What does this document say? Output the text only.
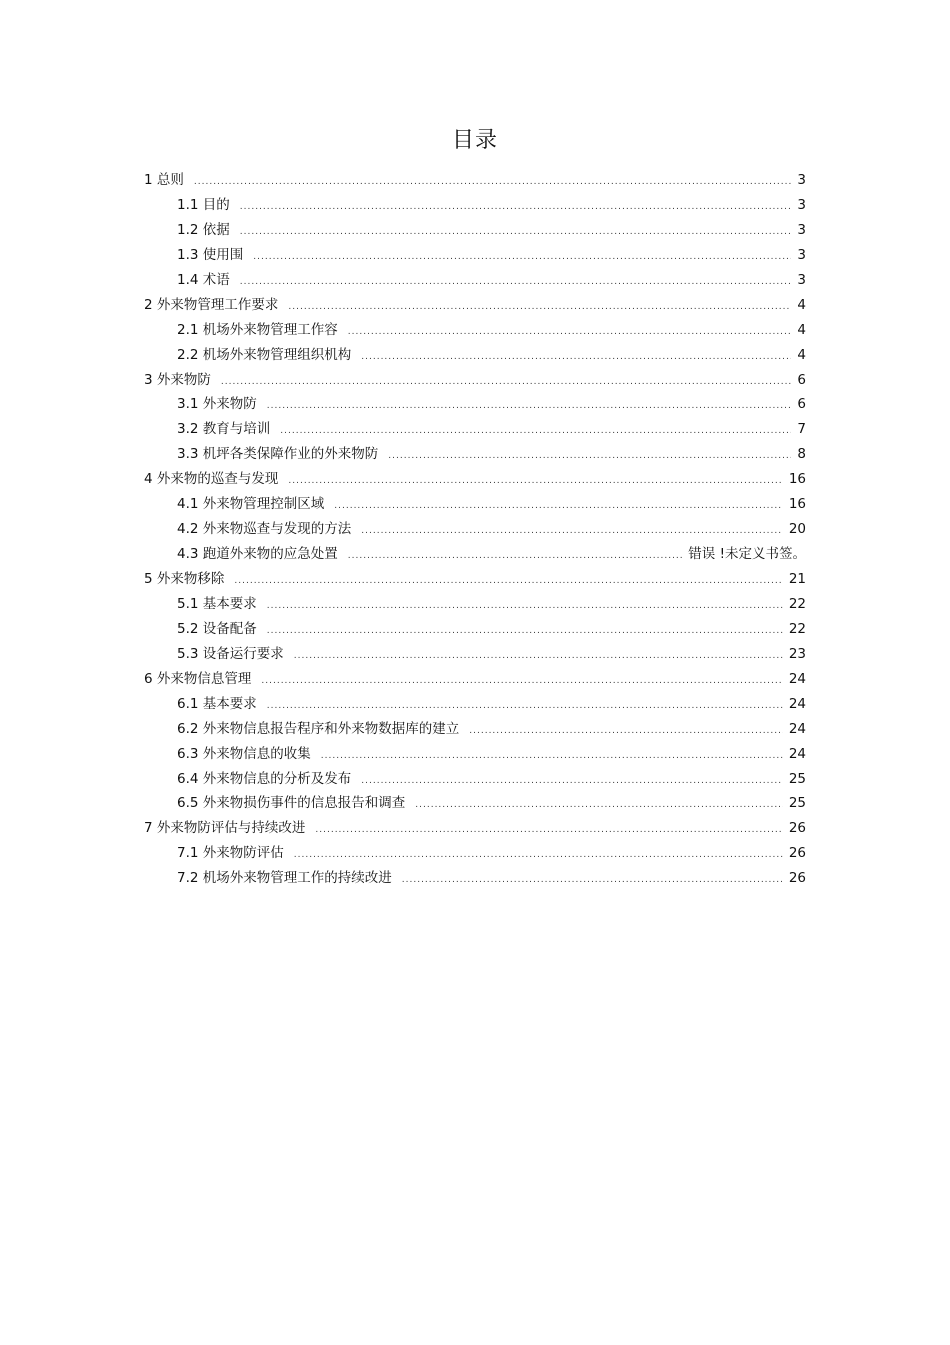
目录
1 总则 .....	3
1.1 目的 .....	3
1.2 依据 .....	3
1.3 使用围 .....	3
1.4 术语 .....	3
2 外来物管理工作要求 .....	4
2.1 机场外来物管理工作容 .....	4
2.2 机场外来物管理组织机构 .....	4
3 外来物防 .....	6
3.1 外来物防 .....	6
3.2 教育与培训 .....	7
3.3 机坪各类保障作业的外来物防 .....	8
4 外来物的巡查与发现 .....	16
4.1 外来物管理控制区域 .....	16
4.2 外来物巡查与发现的方法 .....	20
4.3 跑道外来物的应急处置 .....	错误 !未定义书签。
5 外来物移除 .....	21
5.1 基本要求 .....	22
5.2 设备配备 .....	22
5.3 设备运行要求 .....	23
6 外来物信息管理 .....	24
6.1 基本要求 .....	24
6.2 外来物信息报告程序和外来物数据库的建立 .....	24
6.3 外来物信息的收集 .....	24
6.4 外来物信息的分析及发布 .....	25
6.5 外来物损伤事件的信息报告和调查 .....	25
7 外来物防评估与持续改进 .....	26
7.1 外来物防评估 .....	26
7.2 机场外来物管理工作的持续改进 .....	26
